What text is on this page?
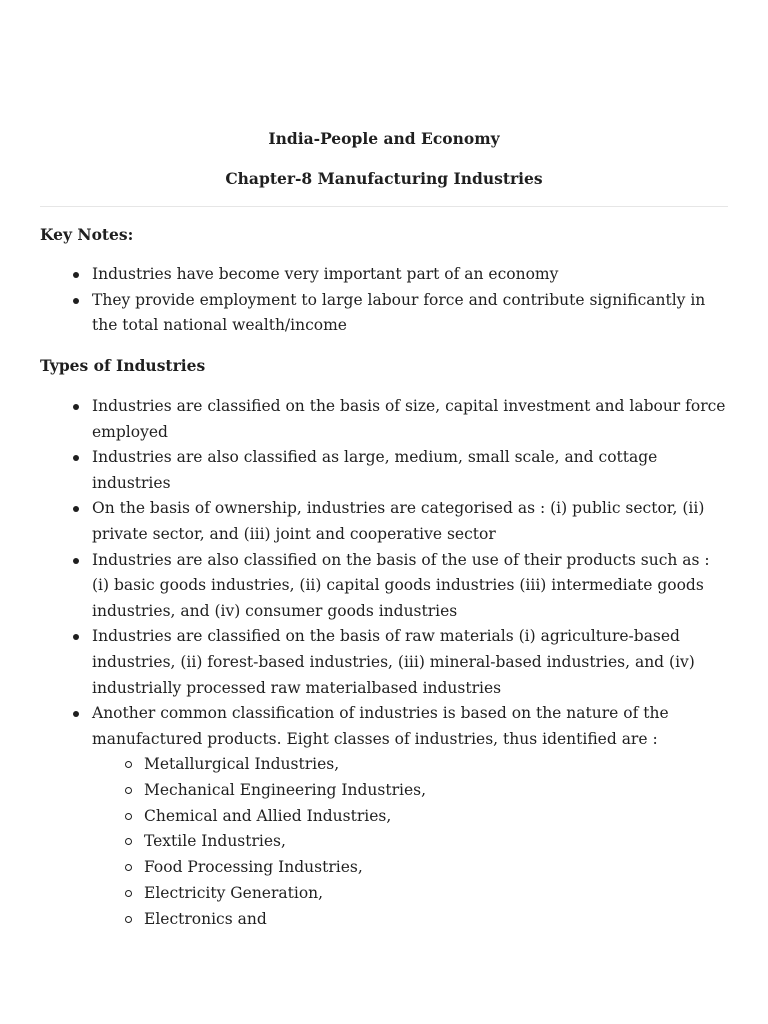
India-People and Economy

Chapter-8 Manufacturing Industries

Key Notes:

Industries have become very important part of an economy
They provide employment to large labour force and contribute significantly in the total national wealth/income

Types of Industries

Industries are classified on the basis of size, capital investment and labour force employed
Industries are also classified as large, medium, small scale, and cottage industries
On the basis of ownership, industries are categorised as : (i) public sector, (ii) private sector, and (iii) joint and cooperative sector
Industries are also classified on the basis of the use of their products such as : (i) basic goods industries, (ii) capital goods industries (iii) intermediate goods industries, and (iv) consumer goods industries
Industries are classified on the basis of raw materials (i) agriculture-based industries, (ii) forest-based industries, (iii) mineral-based industries, and (iv) industrially processed raw materialbased industries
Another common classification of industries is based on the nature of the manufactured products. Eight classes of industries, thus identified are :
Metallurgical Industries,
Mechanical Engineering Industries,
Chemical and Allied Industries,
Textile Industries,
Food Processing Industries,
Electricity Generation,
Electronics and
